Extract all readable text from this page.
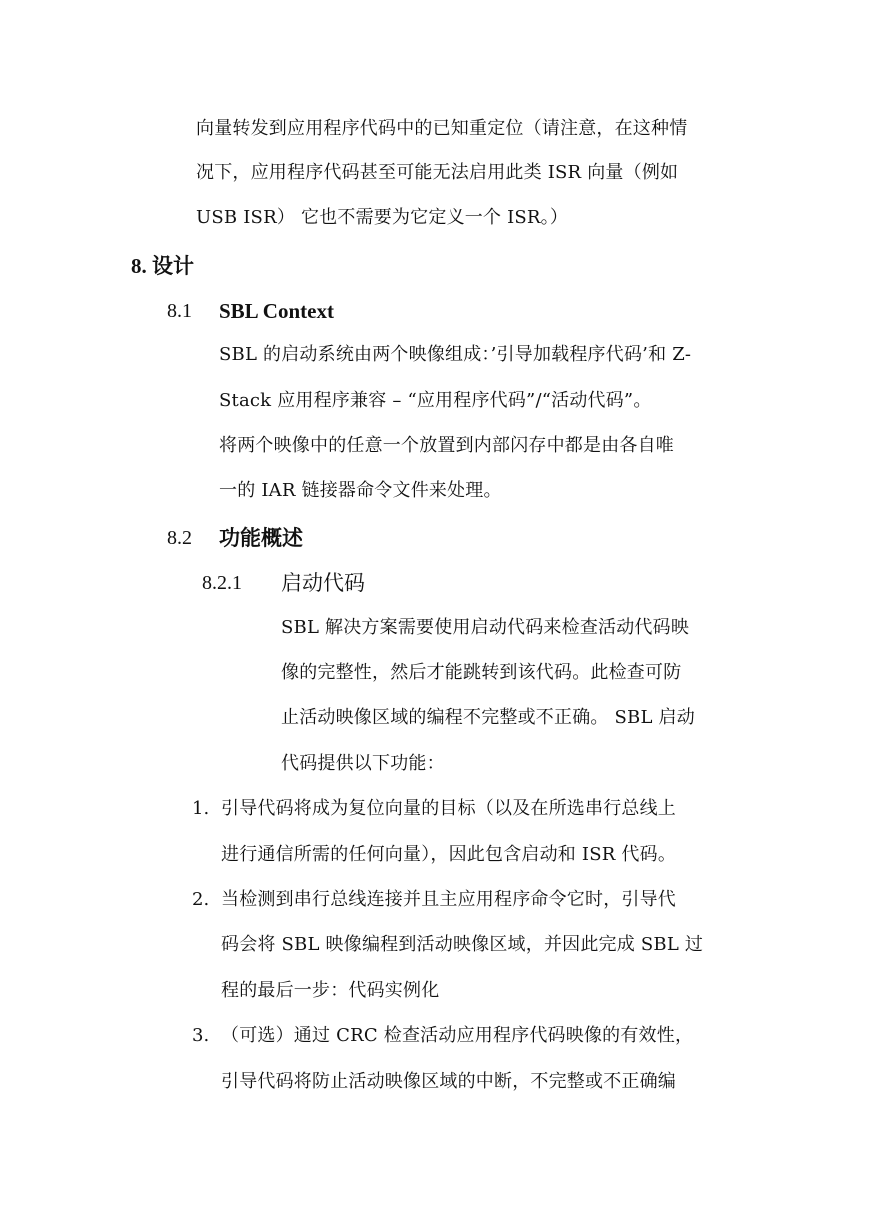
向量转发到应用程序代码中的已知重定位（请注意，在这种情
况下，应用程序代码甚至可能无法启用此类 ISR 向量（例如
USB ISR） 它也不需要为它定义一个 ISR。）
8. 设计
8.1 SBL Context
SBL 的启动系统由两个映像组成：’引导加载程序代码’和 Z-
Stack 应用程序兼容 – “应用程序代码”/“活动代码”。
将两个映像中的任意一个放置到内部闪存中都是由各自唯
一的 IAR 链接器命令文件来处理。
8.2 功能概述
8.2.1 启动代码
SBL 解决方案需要使用启动代码来检查活动代码映
像的完整性，然后才能跳转到该代码。此检查可防
止活动映像区域的编程不完整或不正确。 SBL 启动
代码提供以下功能：
1. 引导代码将成为复位向量的目标（以及在所选串行总线上
进行通信所需的任何向量），因此包含启动和 ISR 代码。
2. 当检测到串行总线连接并且主应用程序命令它时，引导代
码会将 SBL 映像编程到活动映像区域，并因此完成 SBL 过
程的最后一步：代码实例化
3. （可选）通过 CRC 检查活动应用程序代码映像的有效性，
引导代码将防止活动映像区域的中断，不完整或不正确编
